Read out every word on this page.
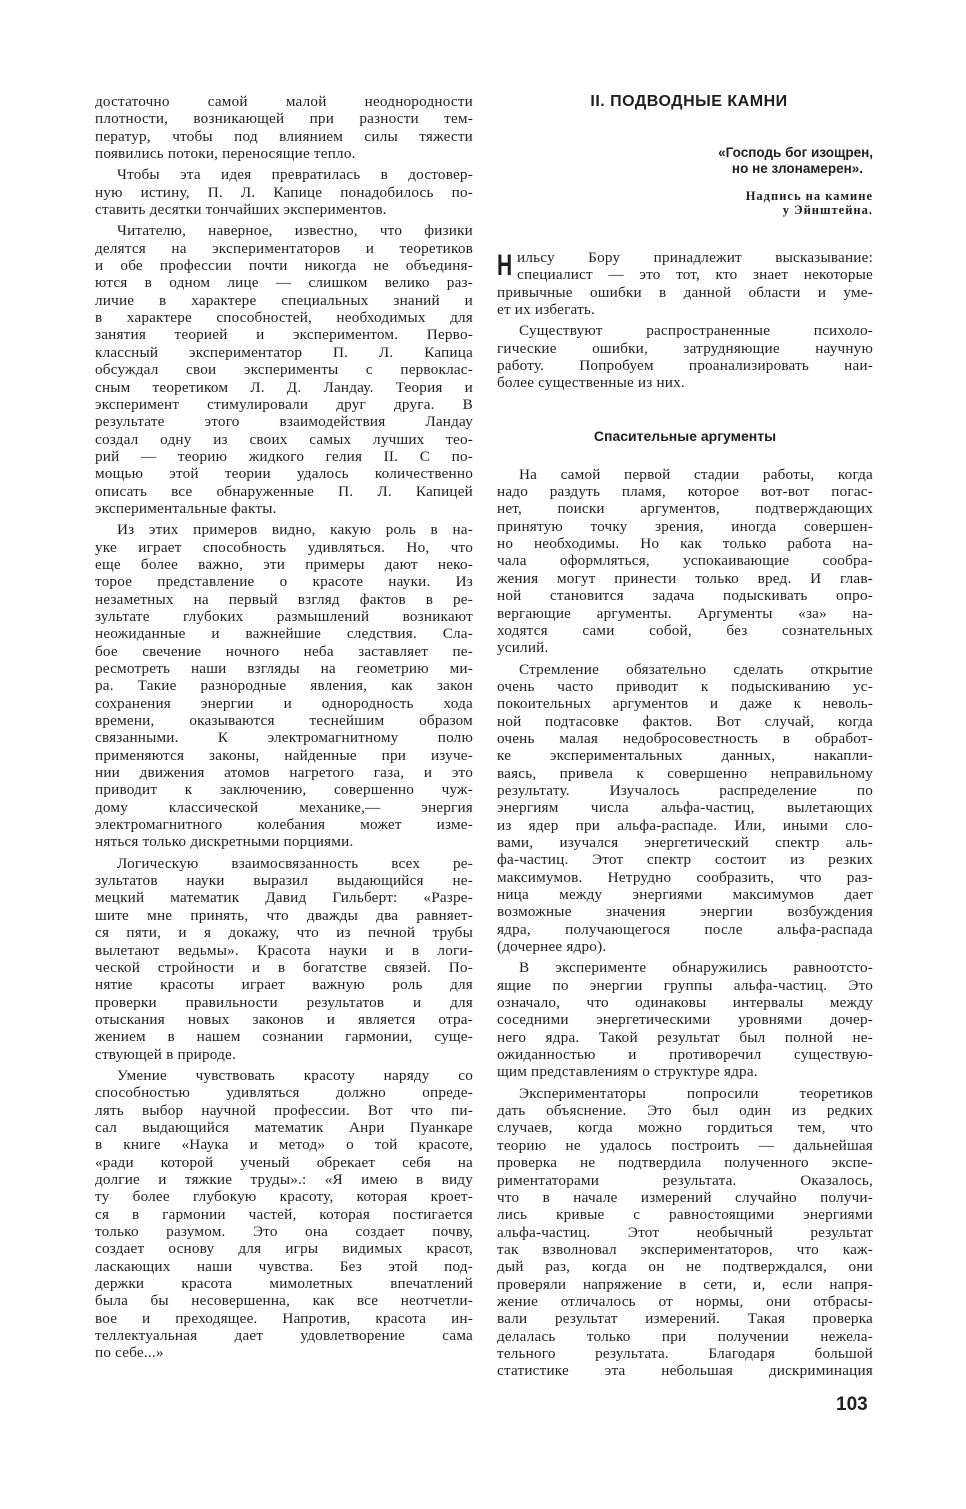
достаточно самой малой неоднородности
плотности, возникающей при разности тем-
ператур, чтобы под влиянием силы тяжести
появились потоки, переносящие тепло.
Чтобы эта идея превратилась в достовер-
ную истину, П. Л. Капице понадобилось по-
ставить десятки тончайших экспериментов.
Читателю, наверное, известно, что физики
делятся на экспериментаторов и теоретиков
и обе профессии почти никогда не объединя-
ются в одном лице — слишком велико раз-
личие в характере специальных знаний и
в характере способностей, необходимых для
занятия теорией и экспериментом. Перво-
классный экспериментатор П. Л. Капица
обсуждал свои эксперименты с первоклас-
сным теоретиком Л. Д. Ландау. Теория и
эксперимент стимулировали друг друга. В
результате этого взаимодействия Ландау
создал одну из своих самых лучших тео-
рий — теорию жидкого гелия II. С по-
мощью этой теории удалось количественно
описать все обнаруженные П. Л. Капицей
экспериментальные факты.
Из этих примеров видно, какую роль в на-
уке играет способность удивляться. Но, что
еще более важно, эти примеры дают неко-
торое представление о красоте науки. Из
незаметных на первый взгляд фактов в ре-
зультате глубоких размышлений возникают
неожиданные и важнейшие следствия. Сла-
бое свечение ночного неба заставляет пе-
ресмотреть наши взгляды на геометрию ми-
ра. Такие разнородные явления, как закон
сохранения энергии и однородность хода
времени, оказываются теснейшим образом
связанными. К электромагнитному полю
применяются законы, найденные при изуче-
нии движения атомов нагретого газа, и это
приводит к заключению, совершенно чуж-
дому классической механике,— энергия
электромагнитного колебания может изме-
няться только дискретными порциями.
Логическую взаимосвязанность всех ре-
зультатов науки выразил выдающийся не-
мецкий математик Давид Гильберт: «Разре-
шите мне принять, что дважды два равняет-
ся пяти, и я докажу, что из печной трубы
вылетают ведьмы». Красота науки и в логи-
ческой стройности и в богатстве связей. По-
нятие красоты играет важную роль для
проверки правильности результатов и для
отыскания новых законов и является отра-
жением в нашем сознании гармонии, суще-
ствующей в природе.
Умение чувствовать красоту наряду со
способностью удивляться должно опреде-
лять выбор научной профессии. Вот что пи-
сал выдающийся математик Анри Пуанкаре
в книге «Наука и метод» о той красоте,
«ради которой ученый обрекает себя на
долгие и тяжкие труды».: «Я имею в виду
ту более глубокую красоту, которая кроет-
ся в гармонии частей, которая постигается
только разумом. Это она создает почву,
создает основу для игры видимых красот,
ласкающих наши чувства. Без этой под-
держки красота мимолетных впечатлений
была бы несовершенна, как все неотчетли-
вое и преходящее. Напротив, красота ин-
теллектуальная дает удовлетворение сама
по себе...»
II. ПОДВОДНЫЕ КАМНИ
«Господь бог изощрен,
но не злонамерен».
Надпись на камине
у Эйнштейна.
Н ильсу Бору принадлежит высказывание:
специалист — это тот, кто знает некоторые
привычные ошибки в данной области и уме-
ет их избегать.
Существуют распространенные психоло-
гические ошибки, затрудняющие научную
работу. Попробуем проанализировать наи-
более существенные из них.
Спасительные аргументы
На самой первой стадии работы, когда
надо раздуть пламя, которое вот-вот погас-
нет, поиски аргументов, подтверждающих
принятую точку зрения, иногда совершен-
но необходимы. Но как только работа на-
чала оформляться, успокаивающие сообра-
жения могут принести только вред. И глав-
ной становится задача подыскивать опро-
вергающие аргументы. Аргументы «за» на-
ходятся сами собой, без сознательных
усилий.
Стремление обязательно сделать открытие
очень часто приводит к подыскиванию ус-
покоительных аргументов и даже к неволь-
ной подтасовке фактов. Вот случай, когда
очень малая недобросовестность в обработ-
ке экспериментальных данных, накапли-
ваясь, привела к совершенно неправильному
результату. Изучалось распределение по
энергиям числа альфа-частиц, вылетающих
из ядер при альфа-распаде. Или, иными сло-
вами, изучался энергетический спектр аль-
фа-частиц. Этот спектр состоит из резких
максимумов. Нетрудно сообразить, что раз-
ница между энергиями максимумов дает
возможные значения энергии возбуждения
ядра, получающегося после альфа-распада
(дочернее ядро).
В эксперименте обнаружились равноотсто-
ящие по энергии группы альфа-частиц. Это
означало, что одинаковы интервалы между
соседними энергетическими уровнями дочер-
него ядра. Такой результат был полной не-
ожиданностью и противоречил существую-
щим представлениям о структуре ядра.
Экспериментаторы попросили теоретиков
дать объяснение. Это был один из редких
случаев, когда можно гордиться тем, что
теорию не удалось построить — дальнейшая
проверка не подтвердила полученного экспе-
риментаторами результата. Оказалось,
что в начале измерений случайно получи-
лись кривые с равностоящими энергиями
альфа-частиц. Этот необычный результат
так взволновал экспериментаторов, что каж-
дый раз, когда он не подтверждался, они
проверяли напряжение в сети, и, если напря-
жение отличалось от нормы, они отбрасы-
вали результат измерений. Такая проверка
делалась только при получении нежела-
тельного результата. Благодаря большой
статистике эта небольшая дискриминация
103
